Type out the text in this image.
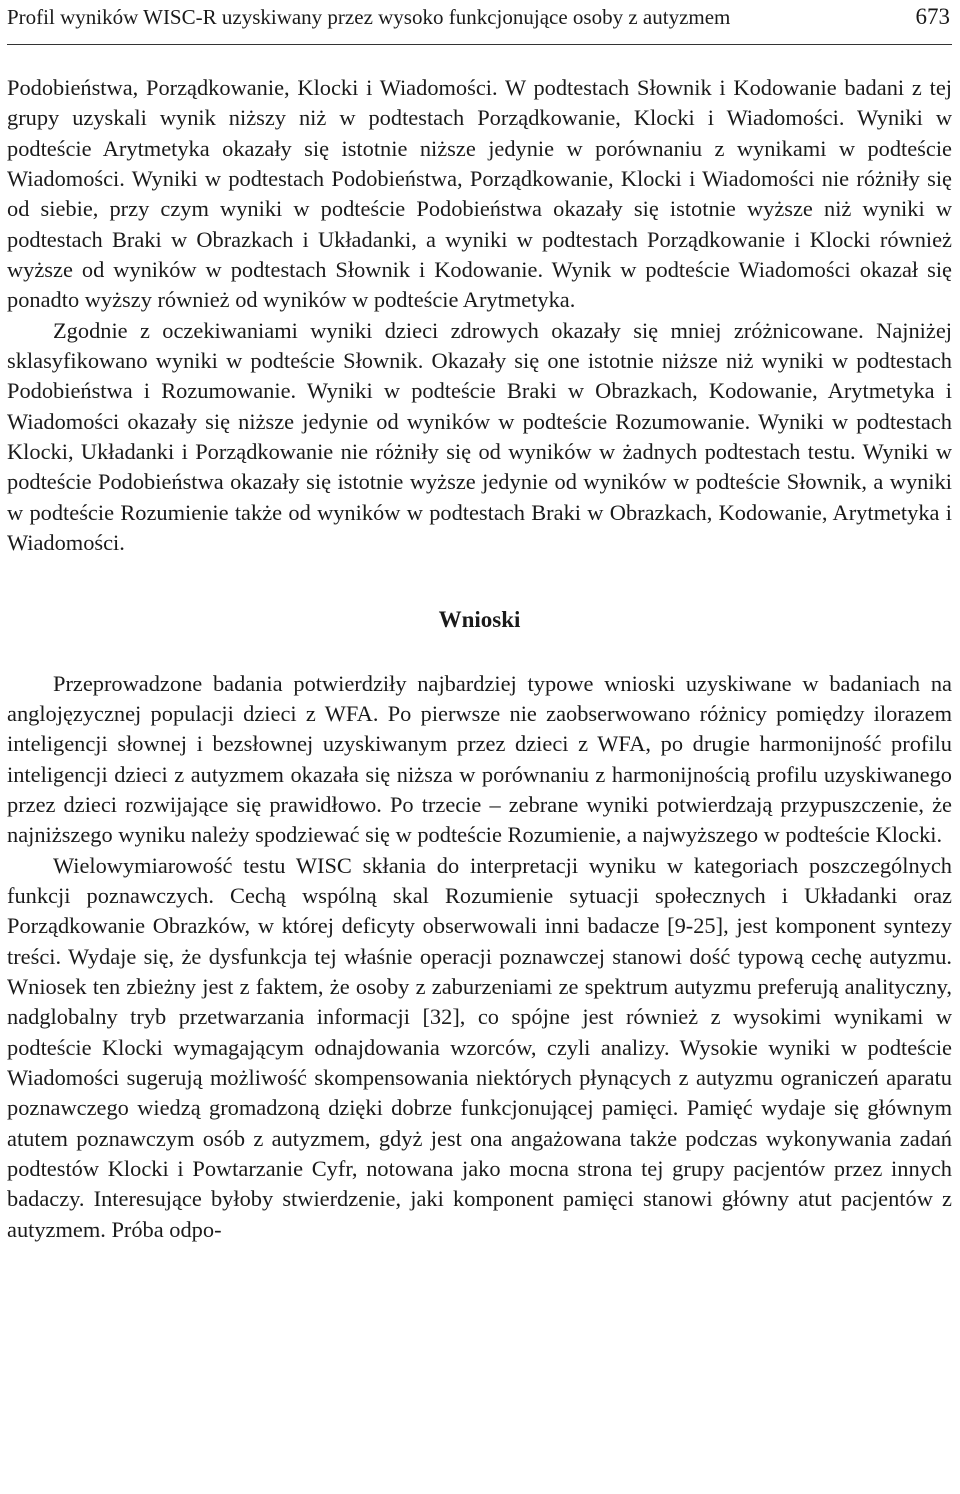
Profil wyników WISC-R uzyskiwany przez wysoko funkcjonujące osoby z autyzmem	673

Podobieństwa, Porządkowanie, Klocki i Wiadomości. W podtestach Słownik i Kodowanie badani z tej grupy uzyskali wynik niższy niż w podtestach Porządkowanie, Klocki i Wiadomości. Wyniki w podteście Arytmetyka okazały się istotnie niższe jedynie w porównaniu z wynikami w podteście Wiadomości. Wyniki w podtestach Podobieństwa, Porządkowanie, Klocki i Wiadomości nie różniły się od siebie, przy czym wyniki w podteście Podobieństwa okazały się istotnie wyższe niż wyniki w podtestach Braki w Obrazkach i Układanki, a wyniki w podtestach Porządkowanie i Klocki również wyższe od wyników w podtestach Słownik i Kodowanie. Wynik w podteście Wiadomości okazał się ponadto wyższy również od wyników w podteście Arytmetyka.

Zgodnie z oczekiwaniami wyniki dzieci zdrowych okazały się mniej zróżnicowane. Najniżej sklasyfikowano wyniki w podteście Słownik. Okazały się one istotnie niższe niż wyniki w podtestach Podobieństwa i Rozumowanie. Wyniki w podteście Braki w Obrazkach, Kodowanie, Arytmetyka i Wiadomości okazały się niższe jedynie od wyników w podteście Rozumowanie. Wyniki w podtestach Klocki, Układanki i Porządkowanie nie różniły się od wyników w żadnych podtestach testu. Wyniki w podteście Podobieństwa okazały się istotnie wyższe jedynie od wyników w podteście Słownik, a wyniki w podteście Rozumienie także od wyników w podtestach Braki w Obrazkach, Kodowanie, Arytmetyka i Wiadomości.

Wnioski

Przeprowadzone badania potwierdziły najbardziej typowe wnioski uzyskiwane w badaniach na anglojęzycznej populacji dzieci z WFA. Po pierwsze nie zaobserwowano różnicy pomiędzy ilorazem inteligencji słownej i bezsłownej uzyskiwanym przez dzieci z WFA, po drugie harmonijność profilu inteligencji dzieci z autyzmem okazała się niższa w porównaniu z harmonijnością profilu uzyskiwanego przez dzieci rozwijające się prawidłowo. Po trzecie – zebrane wyniki potwierdzają przypuszczenie, że najniższego wyniku należy spodziewać się w podteście Rozumienie, a najwyższego w podteście Klocki.

Wielowymiarowość testu WISC skłania do interpretacji wyniku w kategoriach poszczególnych funkcji poznawczych. Cechą wspólną skal Rozumienie sytuacji społecznych i Układanki oraz Porządkowanie Obrazków, w której deficyty obserwowali inni badacze [9-25], jest komponent syntezy treści. Wydaje się, że dysfunkcja tej właśnie operacji poznawczej stanowi dość typową cechę autyzmu. Wniosek ten zbieżny jest z faktem, że osoby z zaburzeniami ze spektrum autyzmu preferują analityczny, nadglobalny tryb przetwarzania informacji [32], co spójne jest również z wysokimi wynikami w podteście Klocki wymagającym odnajdowania wzorców, czyli analizy. Wysokie wyniki w podteście Wiadomości sugerują możliwość skompensowania niektórych płynących z autyzmu ograniczeń aparatu poznawczego wiedzą gromadzoną dzięki dobrze funkcjonującej pamięci. Pamięć wydaje się głównym atutem poznawczym osób z autyzmem, gdyż jest ona angażowana także podczas wykonywania zadań podtestów Klocki i Powtarzanie Cyfr, notowana jako mocna strona tej grupy pacjentów przez innych badaczy. Interesujące byłoby stwierdzenie, jaki komponent pamięci stanowi główny atut pacjentów z autyzmem. Próba odpo-
